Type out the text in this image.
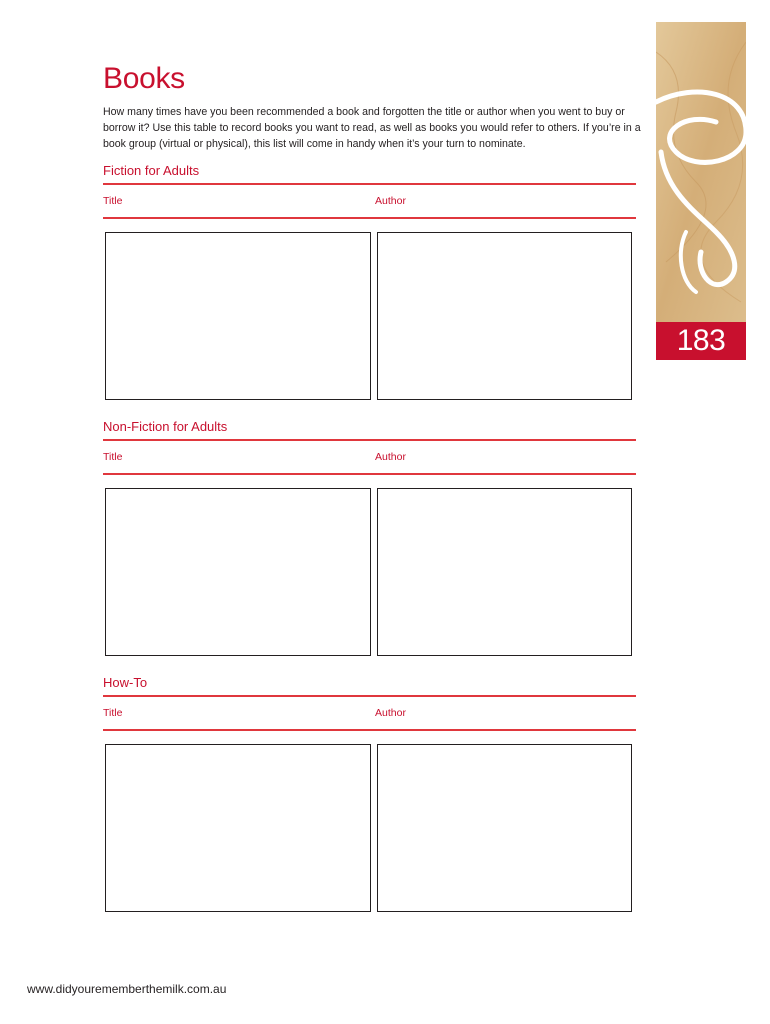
Books
How many times have you been recommended a book and forgotten the title or author when you went to buy or borrow it? Use this table to record books you want to read, as well as books you would refer to others. If you’re in a book group (virtual or physical), this list will come in handy when it’s your turn to nominate.
Fiction for Adults
Title	Author
Non-Fiction for Adults
Title	Author
How-To
Title	Author
183
www.didyourememberthemilk.com.au
